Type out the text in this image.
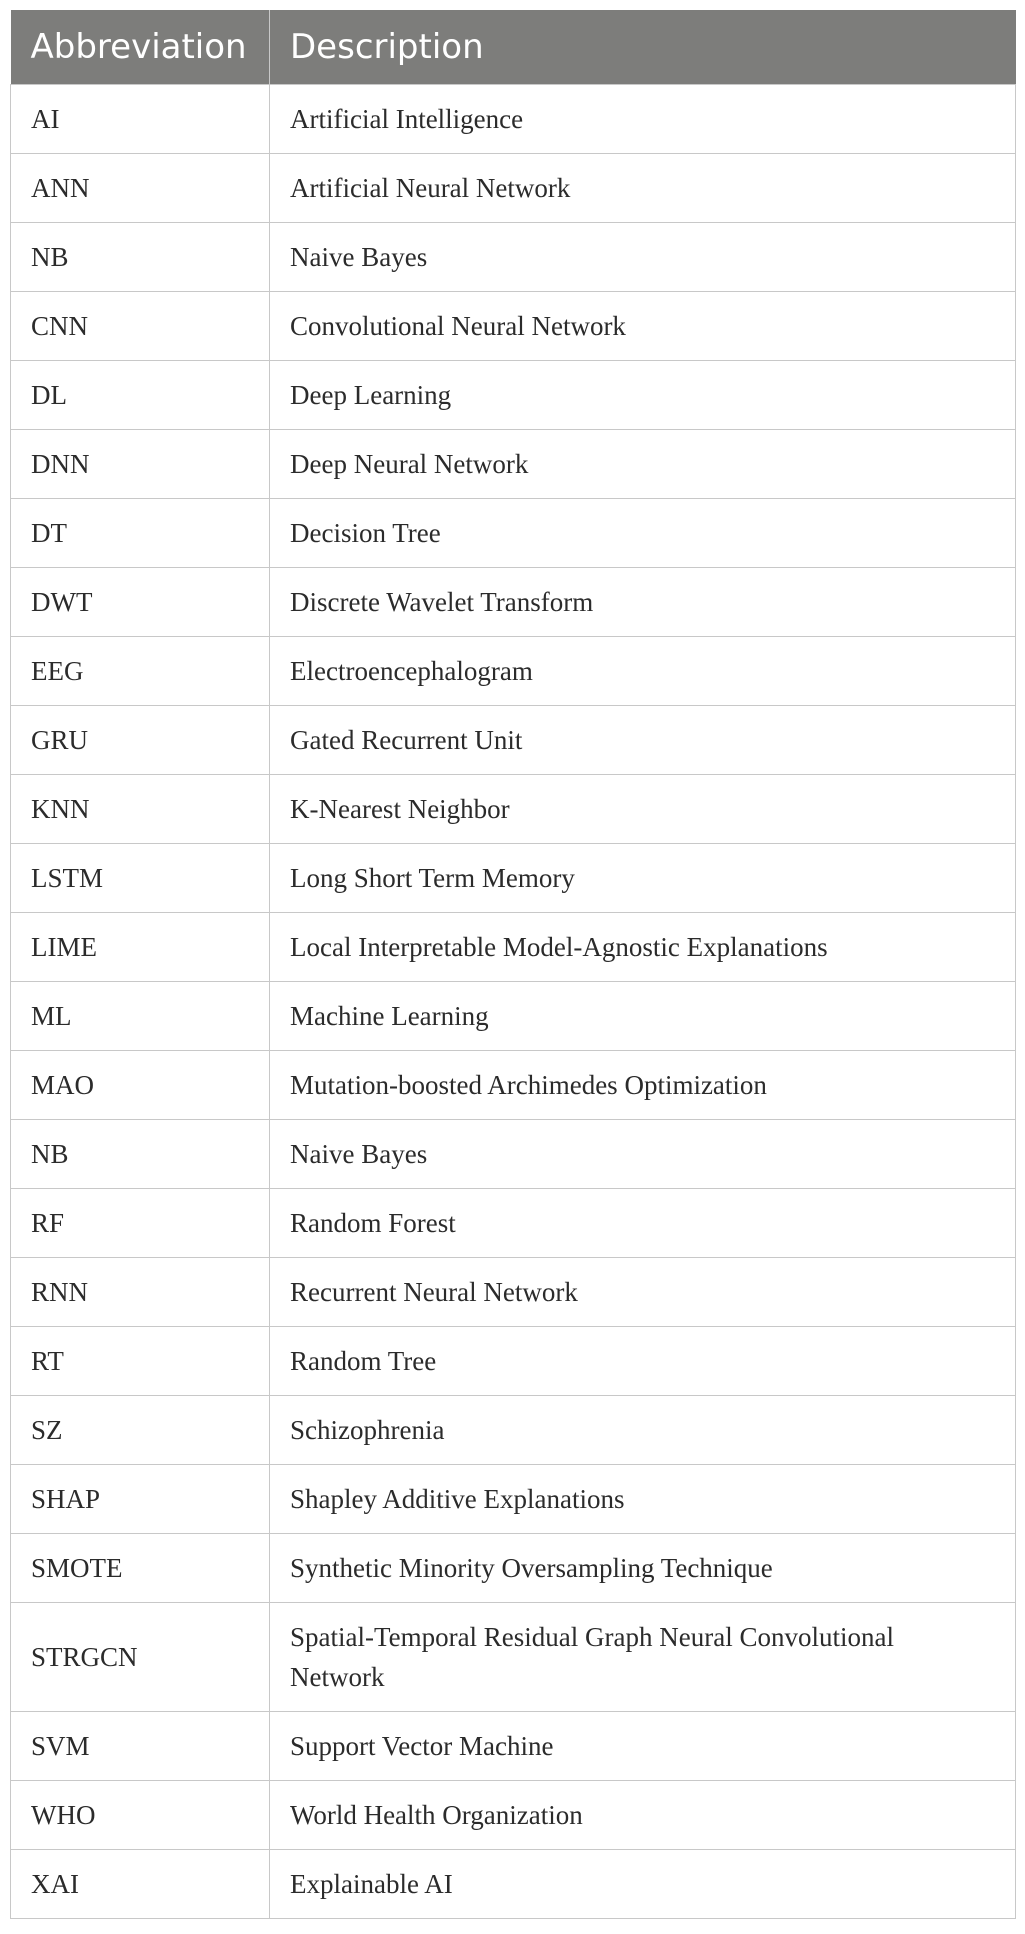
Abbreviation	Description
AI	Artificial Intelligence
ANN	Artificial Neural Network
NB	Naive Bayes
CNN	Convolutional Neural Network
DL	Deep Learning
DNN	Deep Neural Network
DT	Decision Tree
DWT	Discrete Wavelet Transform
EEG	Electroencephalogram
GRU	Gated Recurrent Unit
KNN	K-Nearest Neighbor
LSTM	Long Short Term Memory
LIME	Local Interpretable Model-Agnostic Explanations
ML	Machine Learning
MAO	Mutation-boosted Archimedes Optimization
NB	Naive Bayes
RF	Random Forest
RNN	Recurrent Neural Network
RT	Random Tree
SZ	Schizophrenia
SHAP	Shapley Additive Explanations
SMOTE	Synthetic Minority Oversampling Technique
STRGCN	Spatial-Temporal Residual Graph Neural Convolutional Network
SVM	Support Vector Machine
WHO	World Health Organization
XAI	Explainable AI
